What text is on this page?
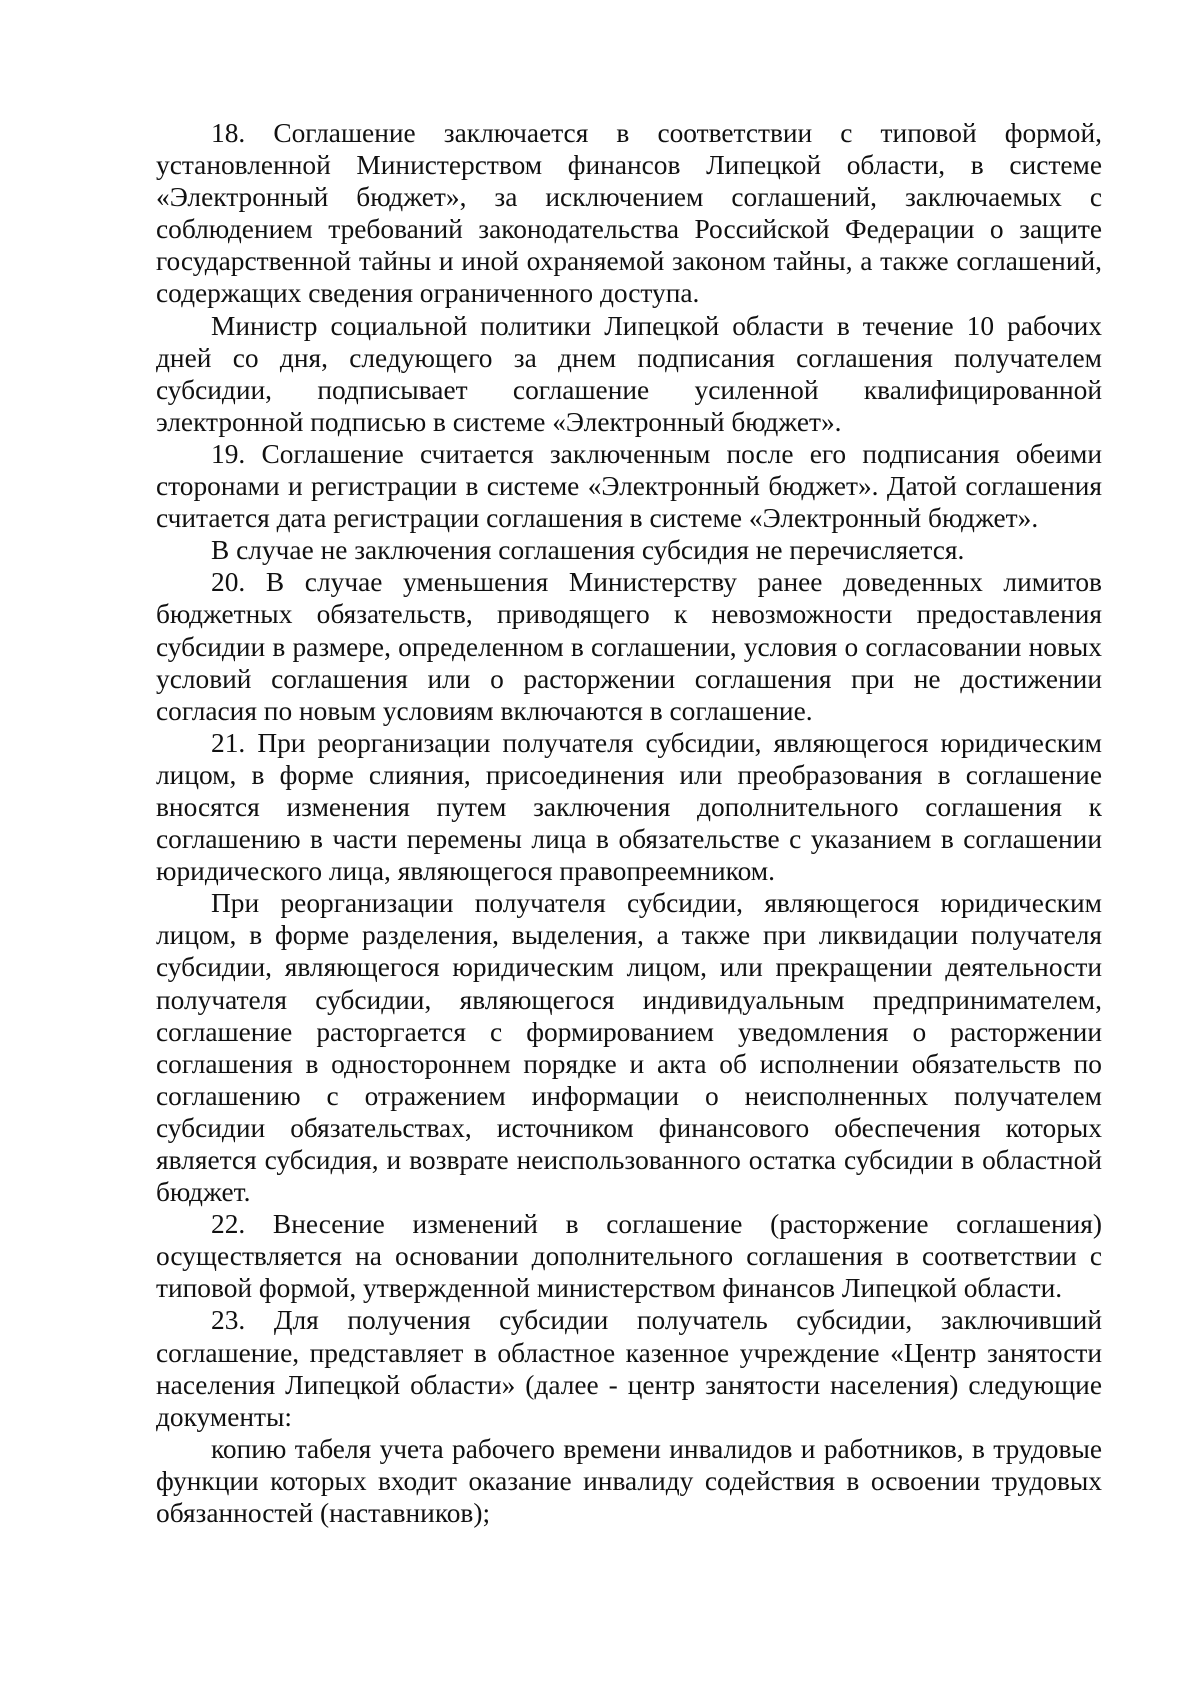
18. Соглашение заключается в соответствии с типовой формой, установленной Министерством финансов Липецкой области, в системе «Электронный бюджет», за исключением соглашений, заключаемых с соблюдением требований законодательства Российской Федерации о защите государственной тайны и иной охраняемой законом тайны, а также соглашений, содержащих сведения ограниченного доступа.

Министр социальной политики Липецкой области в течение 10 рабочих дней со дня, следующего за днем подписания соглашения получателем субсидии, подписывает соглашение усиленной квалифицированной электронной подписью в системе «Электронный бюджет».

19. Соглашение считается заключенным после его подписания обеими сторонами и регистрации в системе «Электронный бюджет». Датой соглашения считается дата регистрации соглашения в системе «Электронный бюджет».

В случае не заключения соглашения субсидия не перечисляется.

20. В случае уменьшения Министерству ранее доведенных лимитов бюджетных обязательств, приводящего к невозможности предоставления субсидии в размере, определенном в соглашении, условия о согласовании новых условий соглашения или о расторжении соглашения при не достижении согласия по новым условиям включаются в соглашение.

21. При реорганизации получателя субсидии, являющегося юридическим лицом, в форме слияния, присоединения или преобразования в соглашение вносятся изменения путем заключения дополнительного соглашения к соглашению в части перемены лица в обязательстве с указанием в соглашении юридического лица, являющегося правопреемником.

При реорганизации получателя субсидии, являющегося юридическим лицом, в форме разделения, выделения, а также при ликвидации получателя субсидии, являющегося юридическим лицом, или прекращении деятельности получателя субсидии, являющегося индивидуальным предпринимателем, соглашение расторгается с формированием уведомления о расторжении соглашения в одностороннем порядке и акта об исполнении обязательств по соглашению с отражением информации о неисполненных получателем субсидии обязательствах, источником финансового обеспечения которых является субсидия, и возврате неиспользованного остатка субсидии в областной бюджет.

22. Внесение изменений в соглашение (расторжение соглашения) осуществляется на основании дополнительного соглашения в соответствии с типовой формой, утвержденной министерством финансов Липецкой области.

23. Для получения субсидии получатель субсидии, заключивший соглашение, представляет в областное казенное учреждение «Центр занятости населения Липецкой области» (далее - центр занятости населения) следующие документы:

копию табеля учета рабочего времени инвалидов и работников, в трудовые функции которых входит оказание инвалиду содействия в освоении трудовых обязанностей (наставников);
